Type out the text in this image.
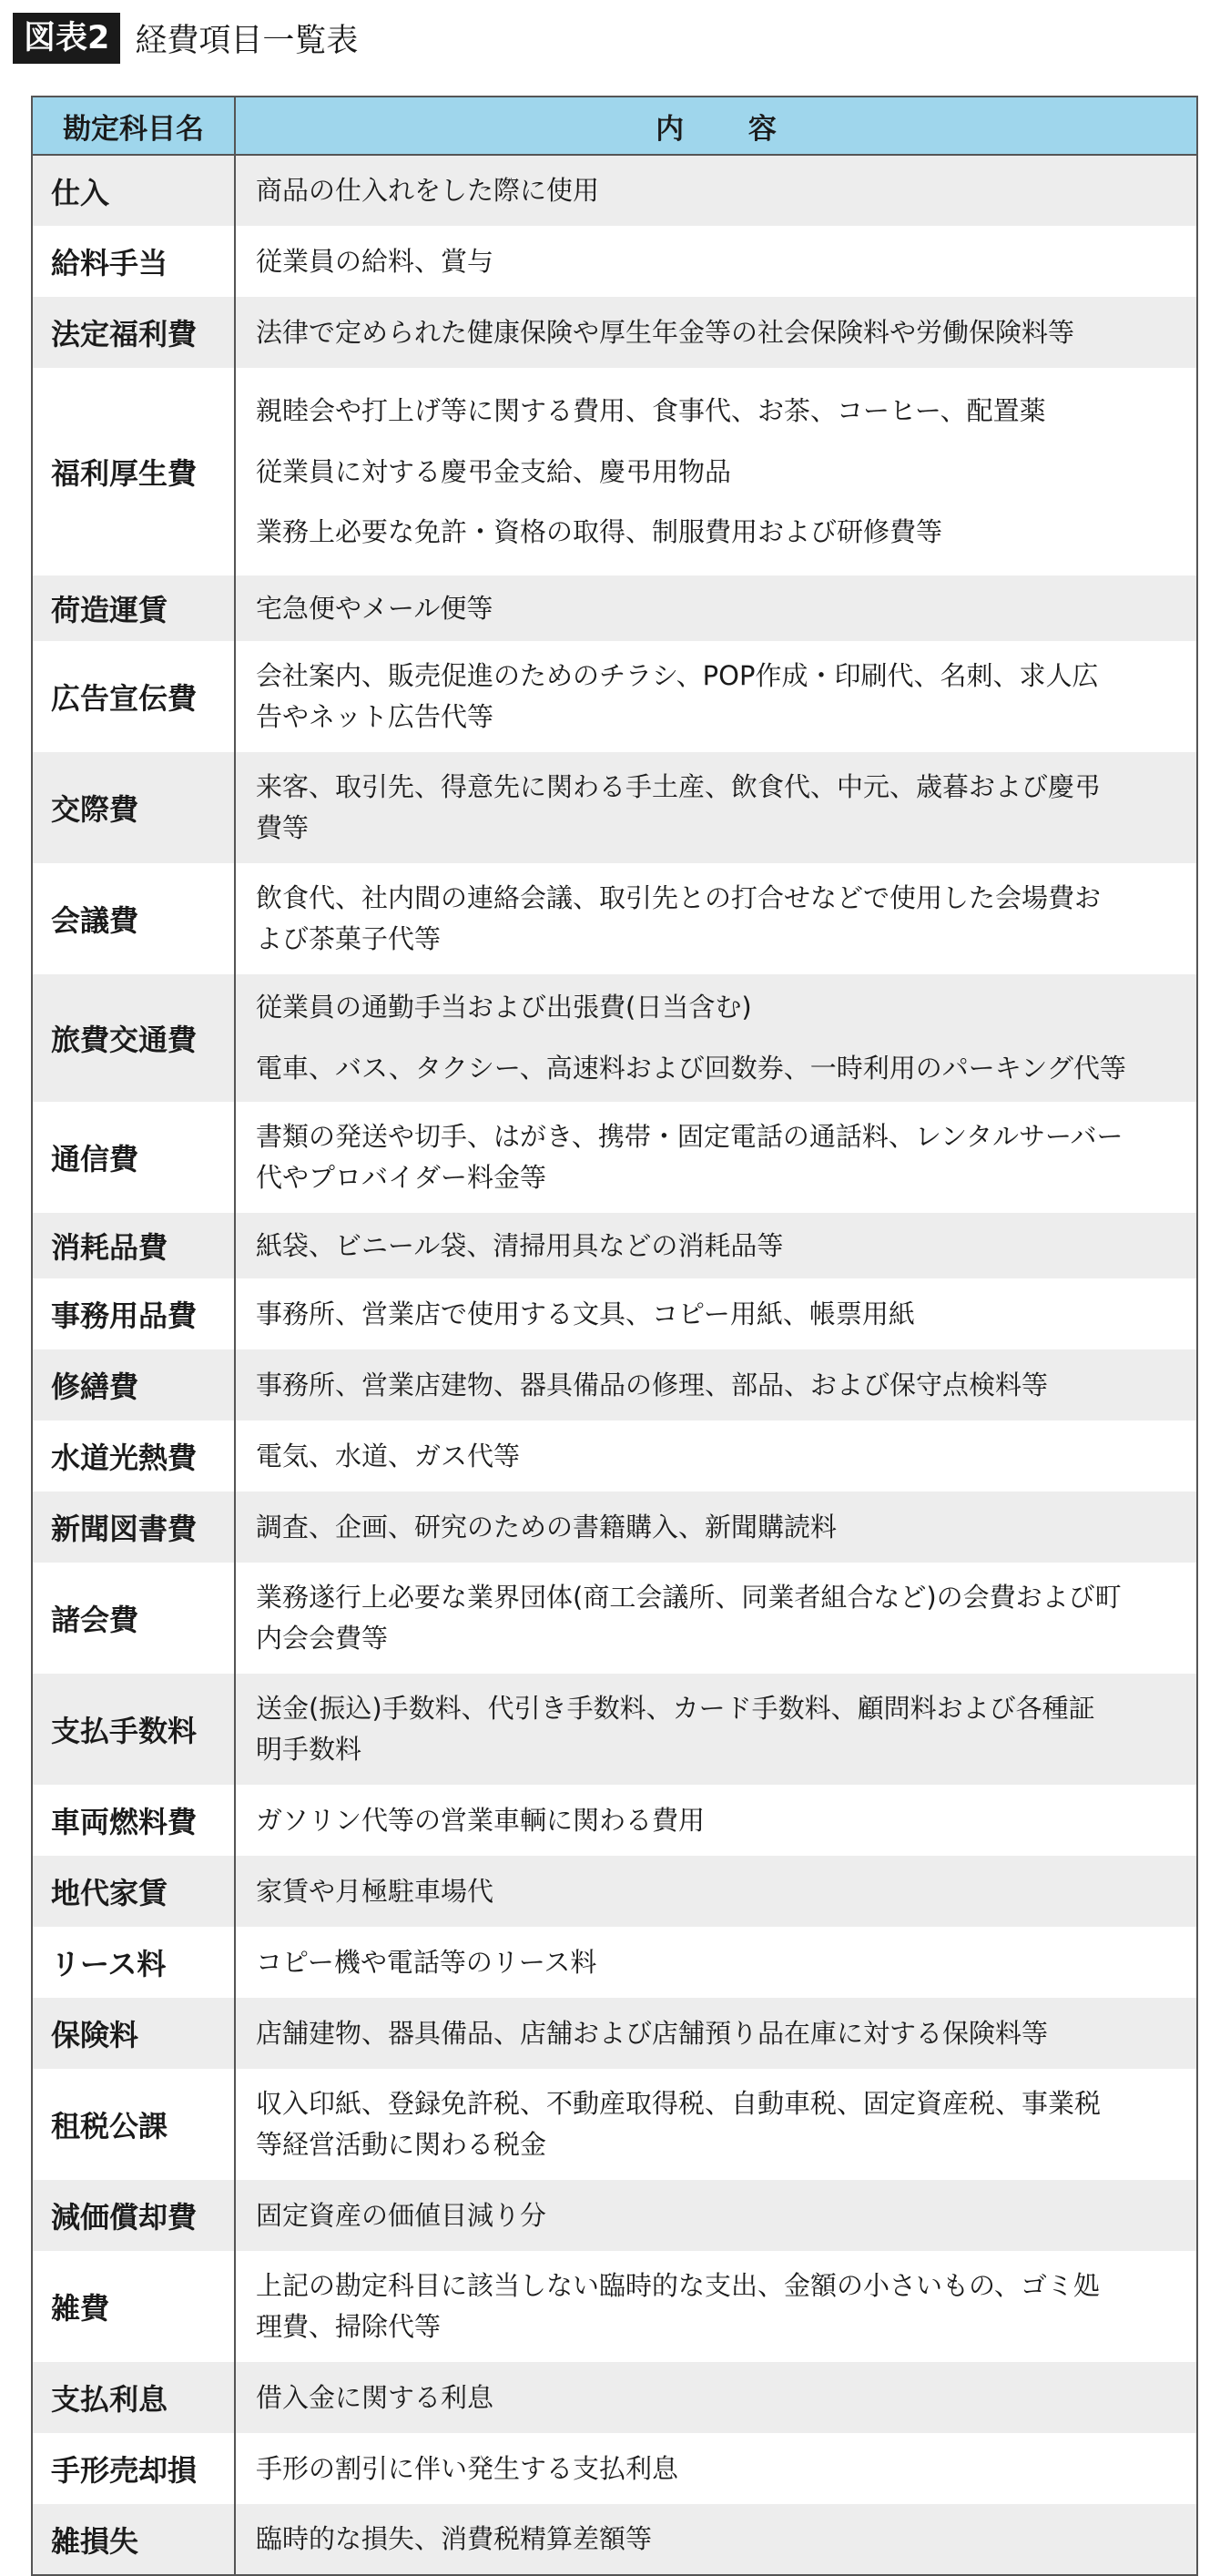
図表2 経費項目一覧表
勘定科目名	内 容
仕入	商品の仕入れをした際に使用

給料手当	従業員の給料、賞与

法定福利費	法律で定められた健康保険や厚生年金等の社会保険料や労働保険料等

福利厚生費	親睦会や打上げ等に関する費用、食事代、お茶、コーヒー、配置薬
従業員に対する慶弔金支給、慶弔用物品
業務上必要な免許・資格の取得、制服費用および研修費等

荷造運賃	宅急便やメール便等

広告宣伝費	会社案内、販売促進のためのチラシ、POP作成・印刷代、名刺、求人広
告やネット広告代等

交際費	来客、取引先、得意先に関わる手土産、飲食代、中元、歳暮および慶弔
費等

会議費	飲食代、社内間の連絡会議、取引先との打合せなどで使用した会場費お
よび茶菓子代等

旅費交通費	従業員の通勤手当および出張費(日当含む)
電車、バス、タクシー、高速料および回数券、一時利用のパーキング代等

通信費	書類の発送や切手、はがき、携帯・固定電話の通話料、レンタルサーバー
代やプロバイダー料金等

消耗品費	紙袋、ビニール袋、清掃用具などの消耗品等

事務用品費	事務所、営業店で使用する文具、コピー用紙、帳票用紙

修繕費	事務所、営業店建物、器具備品の修理、部品、および保守点検料等

水道光熱費	電気、水道、ガス代等

新聞図書費	調査、企画、研究のための書籍購入、新聞購読料

諸会費	業務遂行上必要な業界団体(商工会議所、同業者組合など)の会費および町
内会会費等

支払手数料	送金(振込)手数料、代引き手数料、カード手数料、顧問料および各種証
明手数料

車両燃料費	ガソリン代等の営業車輌に関わる費用

地代家賃	家賃や月極駐車場代

リース料	コピー機や電話等のリース料

保険料	店舗建物、器具備品、店舗および店舗預り品在庫に対する保険料等

租税公課	収入印紙、登録免許税、不動産取得税、自動車税、固定資産税、事業税
等経営活動に関わる税金

減価償却費	固定資産の価値目減り分

雑費	上記の勘定科目に該当しない臨時的な支出、金額の小さいもの、ゴミ処
理費、掃除代等

支払利息	借入金に関する利息

手形売却損	手形の割引に伴い発生する支払利息

雑損失	臨時的な損失、消費税精算差額等
